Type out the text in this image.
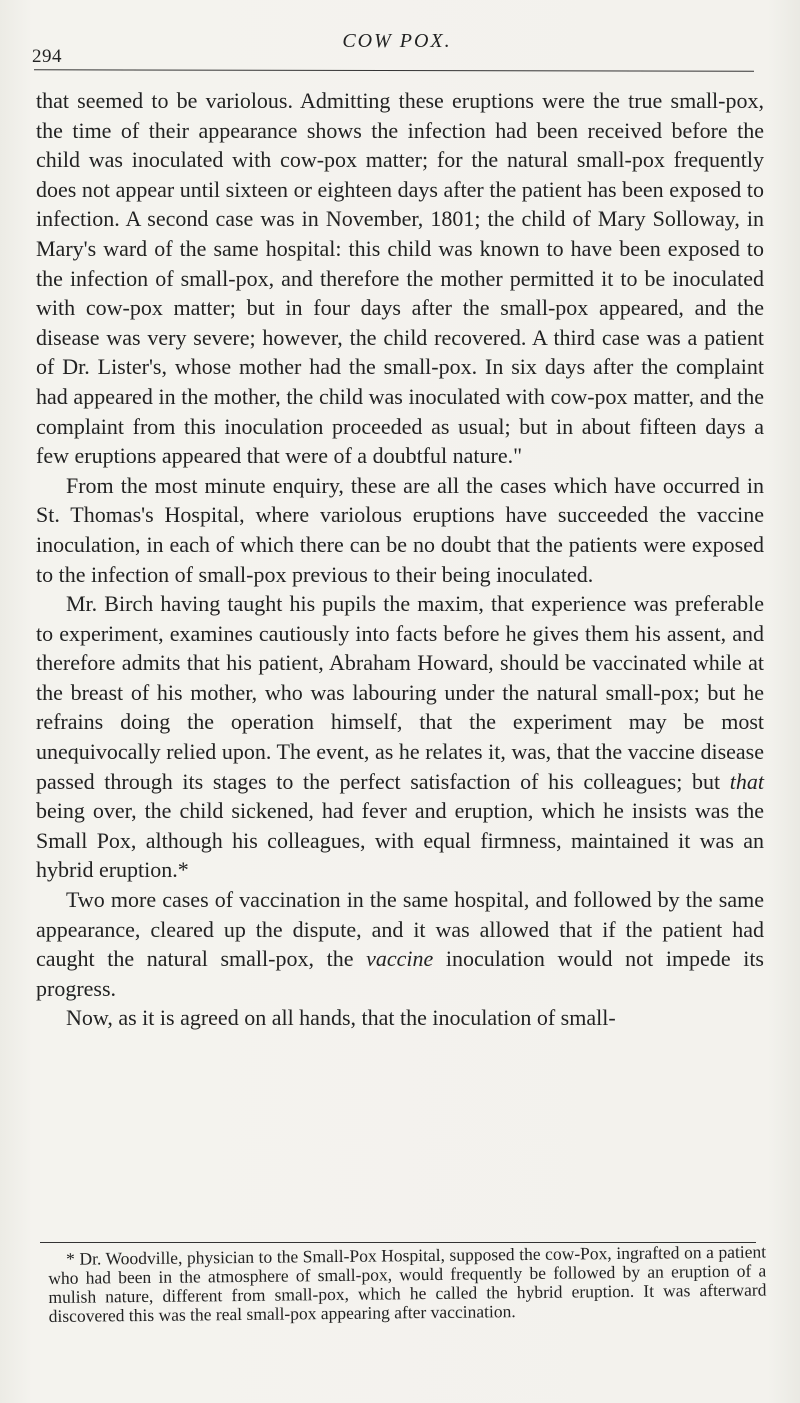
294
COW POX.

that seemed to be variolous. Admitting these eruptions were the true small-pox, the time of their appearance shows the infection had been received before the child was inoculated with cow-pox matter; for the natural small-pox frequently does not appear until sixteen or eighteen days after the patient has been exposed to infection. A second case was in November, 1801; the child of Mary Solloway, in Mary's ward of the same hospital: this child was known to have been exposed to the infection of small-pox, and therefore the mother permitted it to be inoculated with cow-pox matter; but in four days after the small-pox appeared, and the disease was very severe; however, the child recovered. A third case was a patient of Dr. Lister's, whose mother had the small-pox. In six days after the complaint had appeared in the mother, the child was inoculated with cow-pox matter, and the complaint from this inoculation proceeded as usual; but in about fifteen days a few eruptions appeared that were of a doubtful nature."

From the most minute enquiry, these are all the cases which have occurred in St. Thomas's Hospital, where variolous eruptions have succeeded the vaccine inoculation, in each of which there can be no doubt that the patients were exposed to the infection of small-pox previous to their being inoculated.

Mr. Birch having taught his pupils the maxim, that experience was preferable to experiment, examines cautiously into facts before he gives them his assent, and therefore admits that his patient, Abraham Howard, should be vaccinated while at the breast of his mother, who was labouring under the natural small-pox; but he refrains doing the operation himself, that the experiment may be most unequivocally relied upon. The event, as he relates it, was, that the vaccine disease passed through its stages to the perfect satisfaction of his colleagues; but that being over, the child sickened, had fever and eruption, which he insists was the Small Pox, although his colleagues, with equal firmness, maintained it was an hybrid eruption.*

Two more cases of vaccination in the same hospital, and followed by the same appearance, cleared up the dispute, and it was allowed that if the patient had caught the natural small-pox, the vaccine inoculation would not impede its progress.

Now, as it is agreed on all hands, that the inoculation of small-

* Dr. Woodville, physician to the Small-Pox Hospital, supposed the cow-Pox, ingrafted on a patient who had been in the atmosphere of small-pox, would frequently be followed by an eruption of a mulish nature, different from small-pox, which he called the hybrid eruption. It was afterward discovered this was the real small-pox appearing after vaccination.
